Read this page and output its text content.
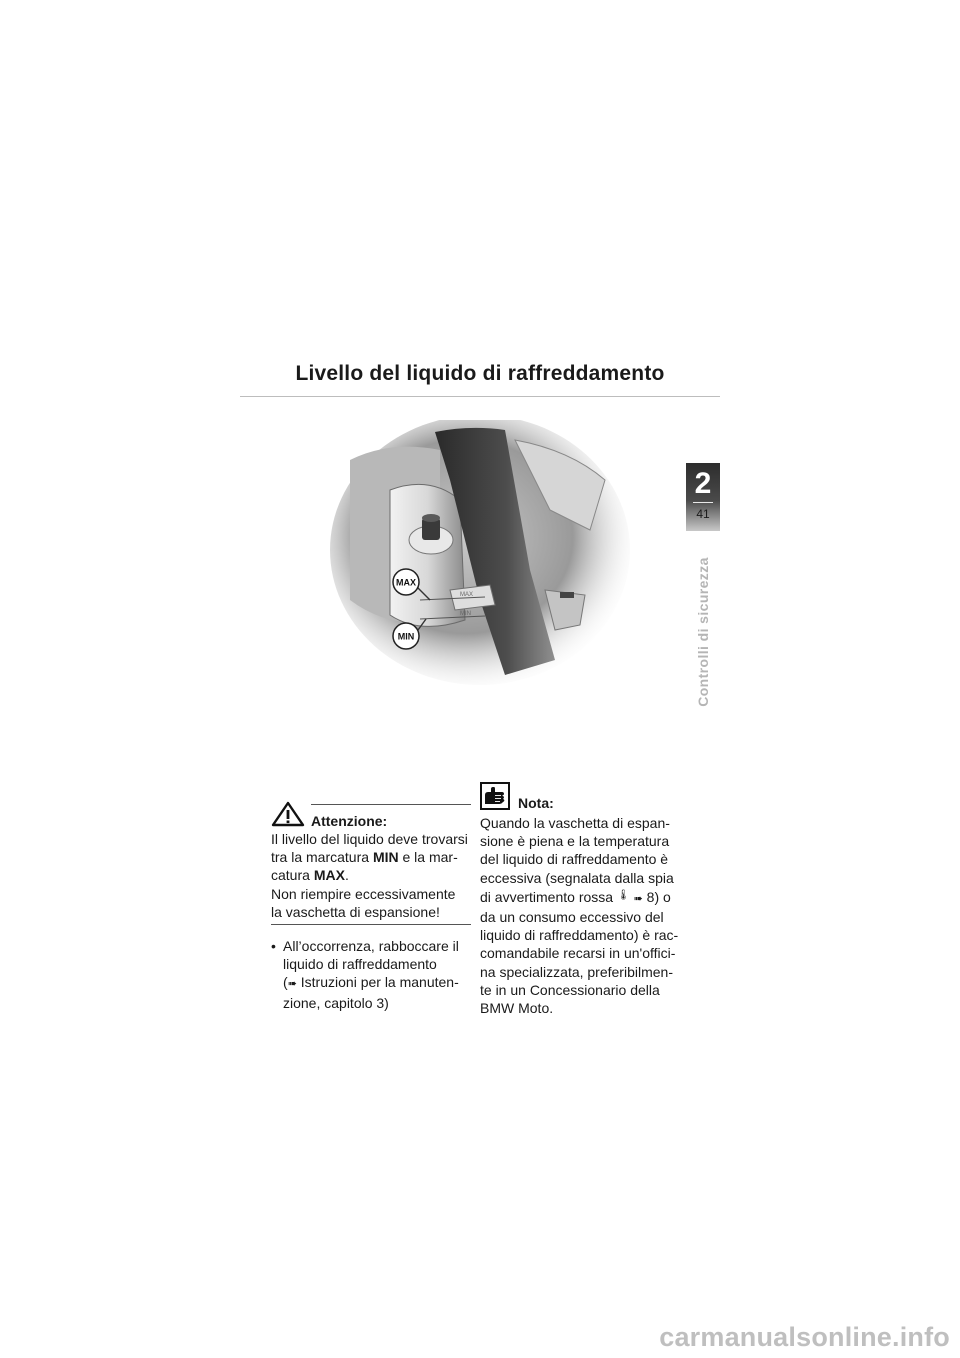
Livello del liquido di raffreddamento
2
41
Controlli di sicurezza
MAX
MIN
MAX
MIN
Attenzione:
Il livello del liquido deve trovarsi
tra la marcatura MIN e la mar-
catura MAX.
Non riempire eccessivamente
la vaschetta di espansione!
• All’occorrenza, rabboccare il
liquido di raffreddamento
(➠ Istruzioni per la manuten-
zione, capitolo 3)
Nota:
Quando la vaschetta di espan-
sione è piena e la temperatura
del liquido di raffreddamento è
eccessiva (segnalata dalla spia
di avvertimento rossa 🌡 ➠ 8) o
da un consumo eccessivo del
liquido di raffreddamento) è rac-
comandabile recarsi in un'offici-
na specializzata, preferibilmen-
te in un Concessionario della
BMW Moto.
carmanualsonline.info
